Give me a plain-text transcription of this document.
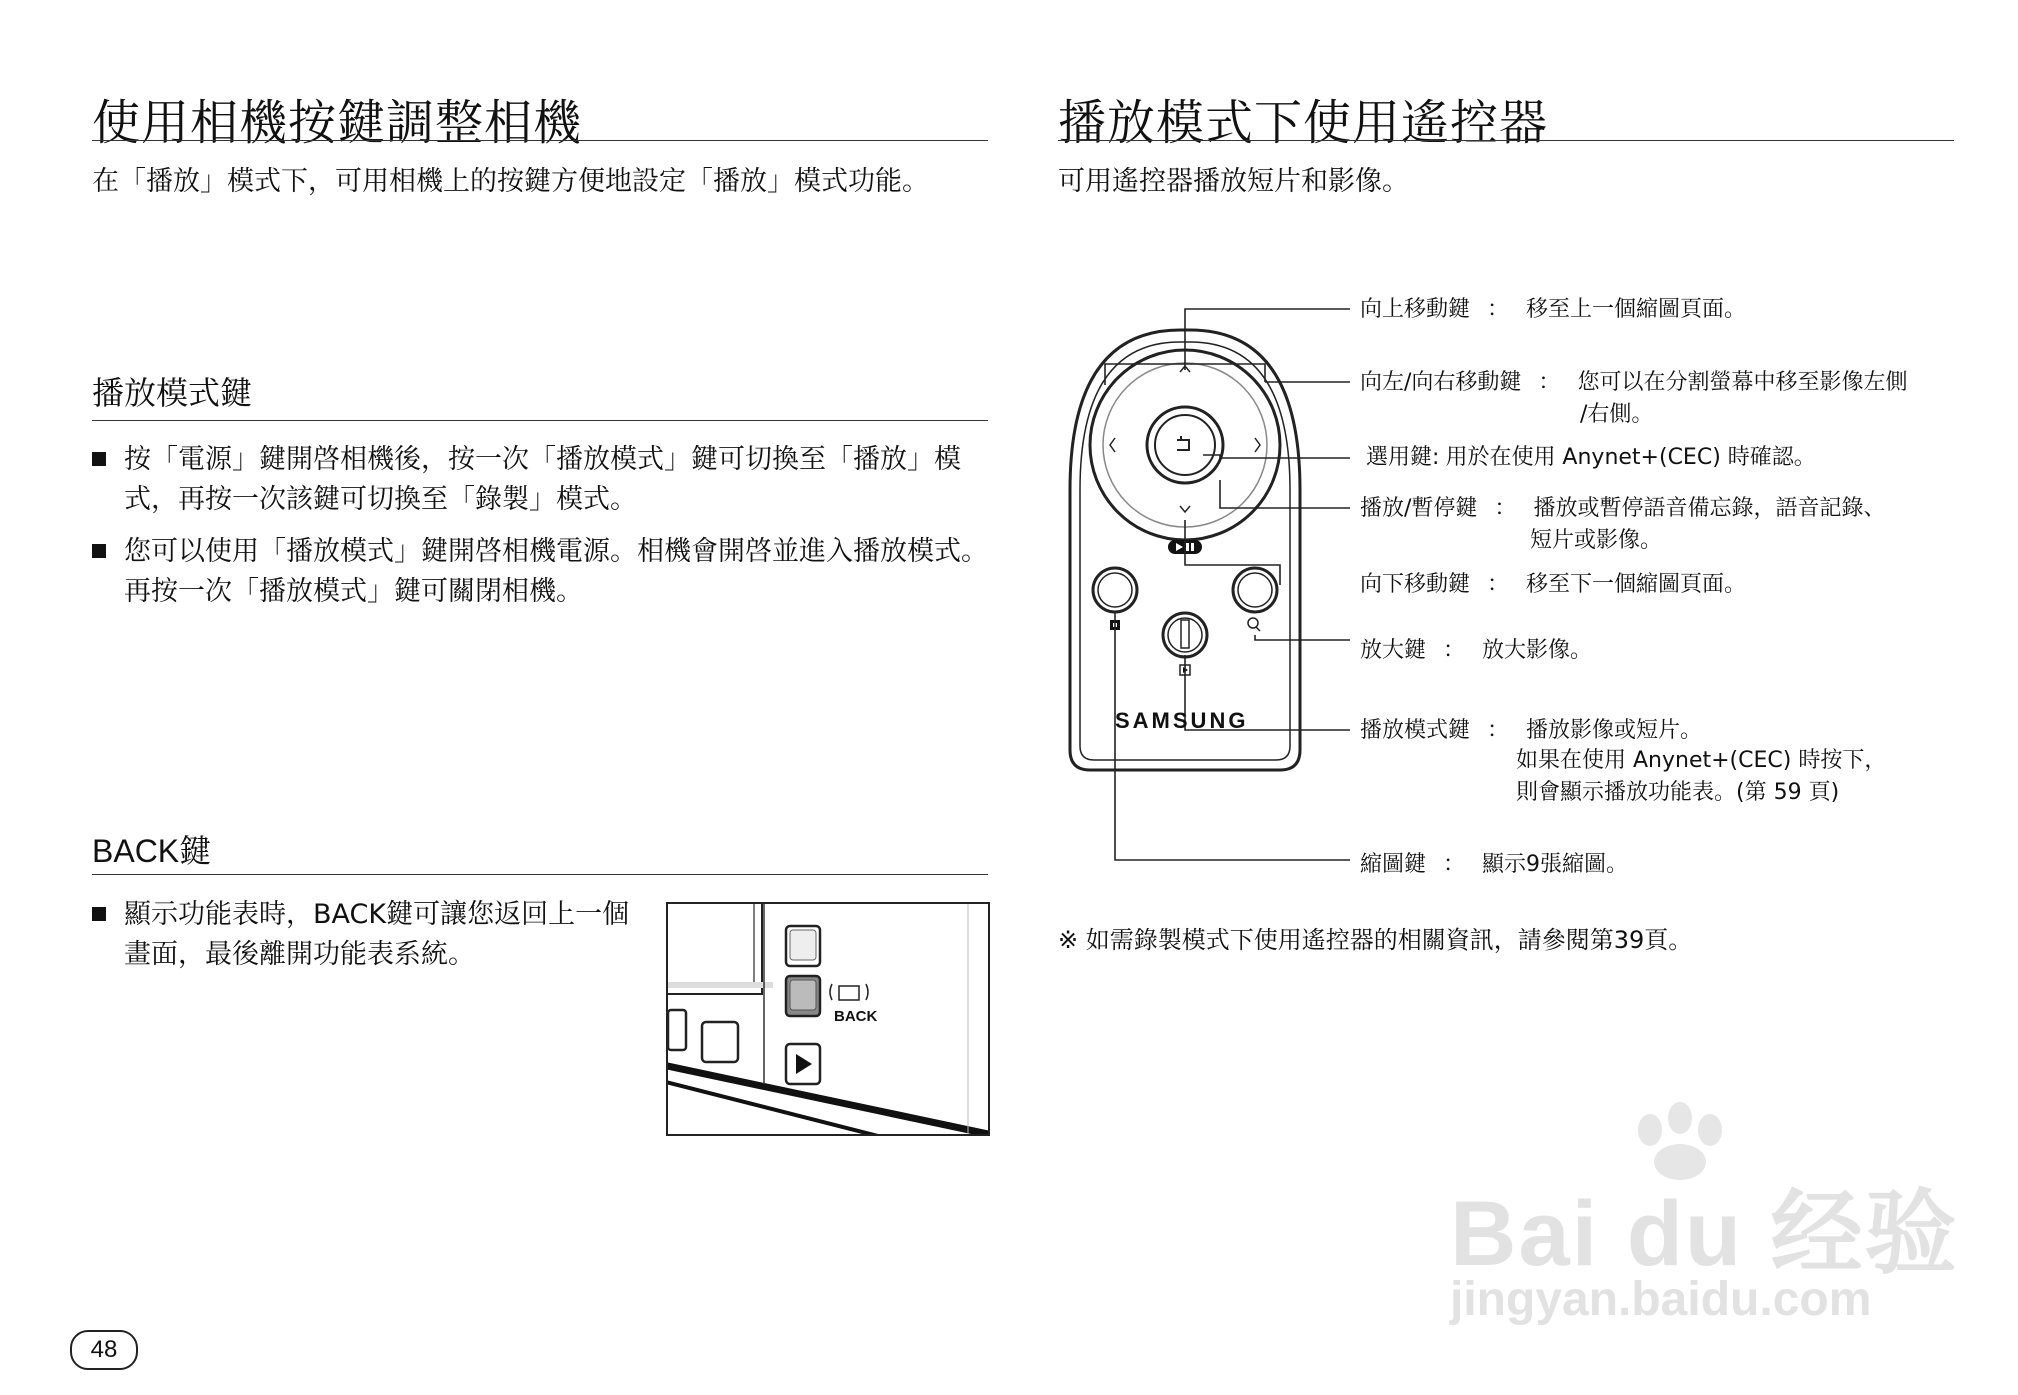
使用相機按鍵調整相機
在「播放」模式下，可用相機上的按鍵方便地設定「播放」模式功能。
播放模式鍵
按「電源」鍵開啓相機後，按一次「播放模式」鍵可切換至「播放」模式，再按一次該鍵可切換至「錄製」模式。
您可以使用「播放模式」鍵開啓相機電源。相機會開啓並進入播放模式。再按一次「播放模式」鍵可關閉相機。
BACK鍵
顯示功能表時，BACK鍵可讓您返回上一個畫面，最後離開功能表系統。
BACK
播放模式下使用遙控器
可用遙控器播放短片和影像。
SAMSUNG
向上移動鍵 ： 移至上一個縮圖頁面。
向左/向右移動鍵 ： 您可以在分割螢幕中移至影像左側
/右側。
選用鍵: 用於在使用 Anynet+(CEC) 時確認。
播放/暫停鍵 ： 播放或暫停語音備忘錄，語音記錄、
短片或影像。
向下移動鍵 ： 移至下一個縮圖頁面。
放大鍵 ： 放大影像。
播放模式鍵 ： 播放影像或短片。
如果在使用 Anynet+(CEC) 時按下，
則會顯示播放功能表。(第 59 頁)
縮圖鍵 ： 顯示9張縮圖。
※ 如需錄製模式下使用遙控器的相關資訊，請參閱第39頁。
48
Bai du 经验
jingyan.baidu.com
